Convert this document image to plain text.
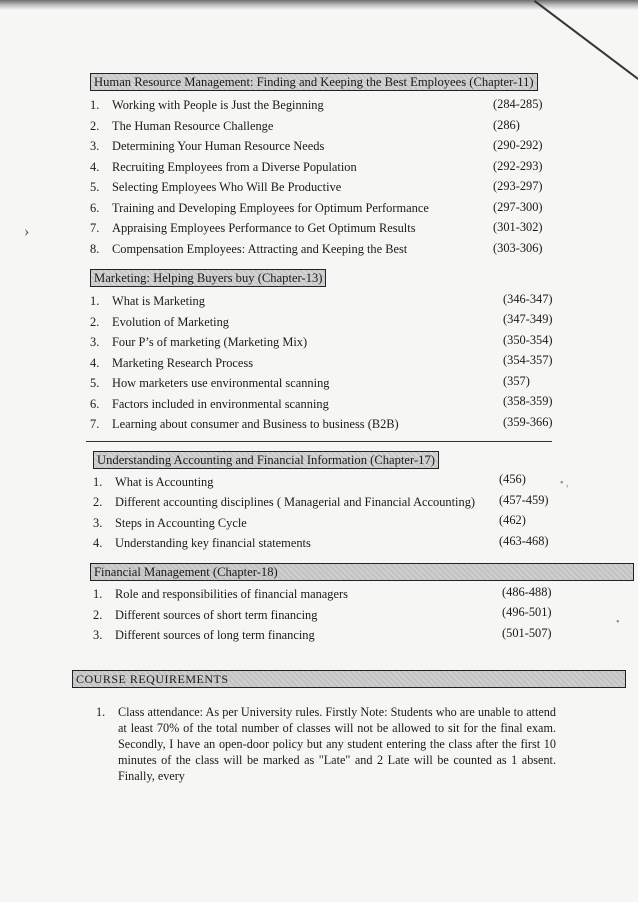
›
•
• ,
Human Resource Management: Finding and Keeping the Best Employees (Chapter-11)
1.	Working with People is Just the Beginning	(284-285)
2.	The Human Resource Challenge	(286)
3.	Determining Your Human Resource Needs	(290-292)
4.	Recruiting Employees from a Diverse Population	(292-293)
5.	Selecting Employees Who Will Be Productive	(293-297)
6.	Training and Developing Employees for Optimum Performance	(297-300)
7.	Appraising Employees Performance to Get Optimum Results	(301-302)
8.	Compensation Employees: Attracting and Keeping the Best	(303-306)
Marketing: Helping Buyers buy (Chapter-13)
1.	What is Marketing	(346-347)
2.	Evolution of Marketing	(347-349)
3.	Four P’s of marketing (Marketing Mix)	(350-354)
4.	Marketing Research Process	(354-357)
5.	How marketers use environmental scanning	(357)
6.	Factors included in environmental scanning	(358-359)
7.	Learning about consumer and Business to business (B2B)	(359-366)
Understanding Accounting and Financial Information (Chapter-17)
1.	What is Accounting	(456)
2.	Different accounting disciplines ( Managerial and Financial Accounting) (457-459)
3.	Steps in Accounting Cycle	(462)
4.	Understanding key financial statements	(463-468)
Financial Management (Chapter-18)
1.	Role and responsibilities of financial managers	(486-488)
2.	Different sources of short term financing	(496-501)
3.	Different sources of long term financing	(501-507)
COURSE REQUIREMENTS
1. Class attendance: As per University rules. Firstly Note: Students who are unable to attend at least 70% of the total number of classes will not be allowed to sit for the final exam. Secondly, I have an open-door policy but any student entering the class after the first 10 minutes of the class will be marked as "Late" and 2 Late will be counted as 1 absent. Finally, every
